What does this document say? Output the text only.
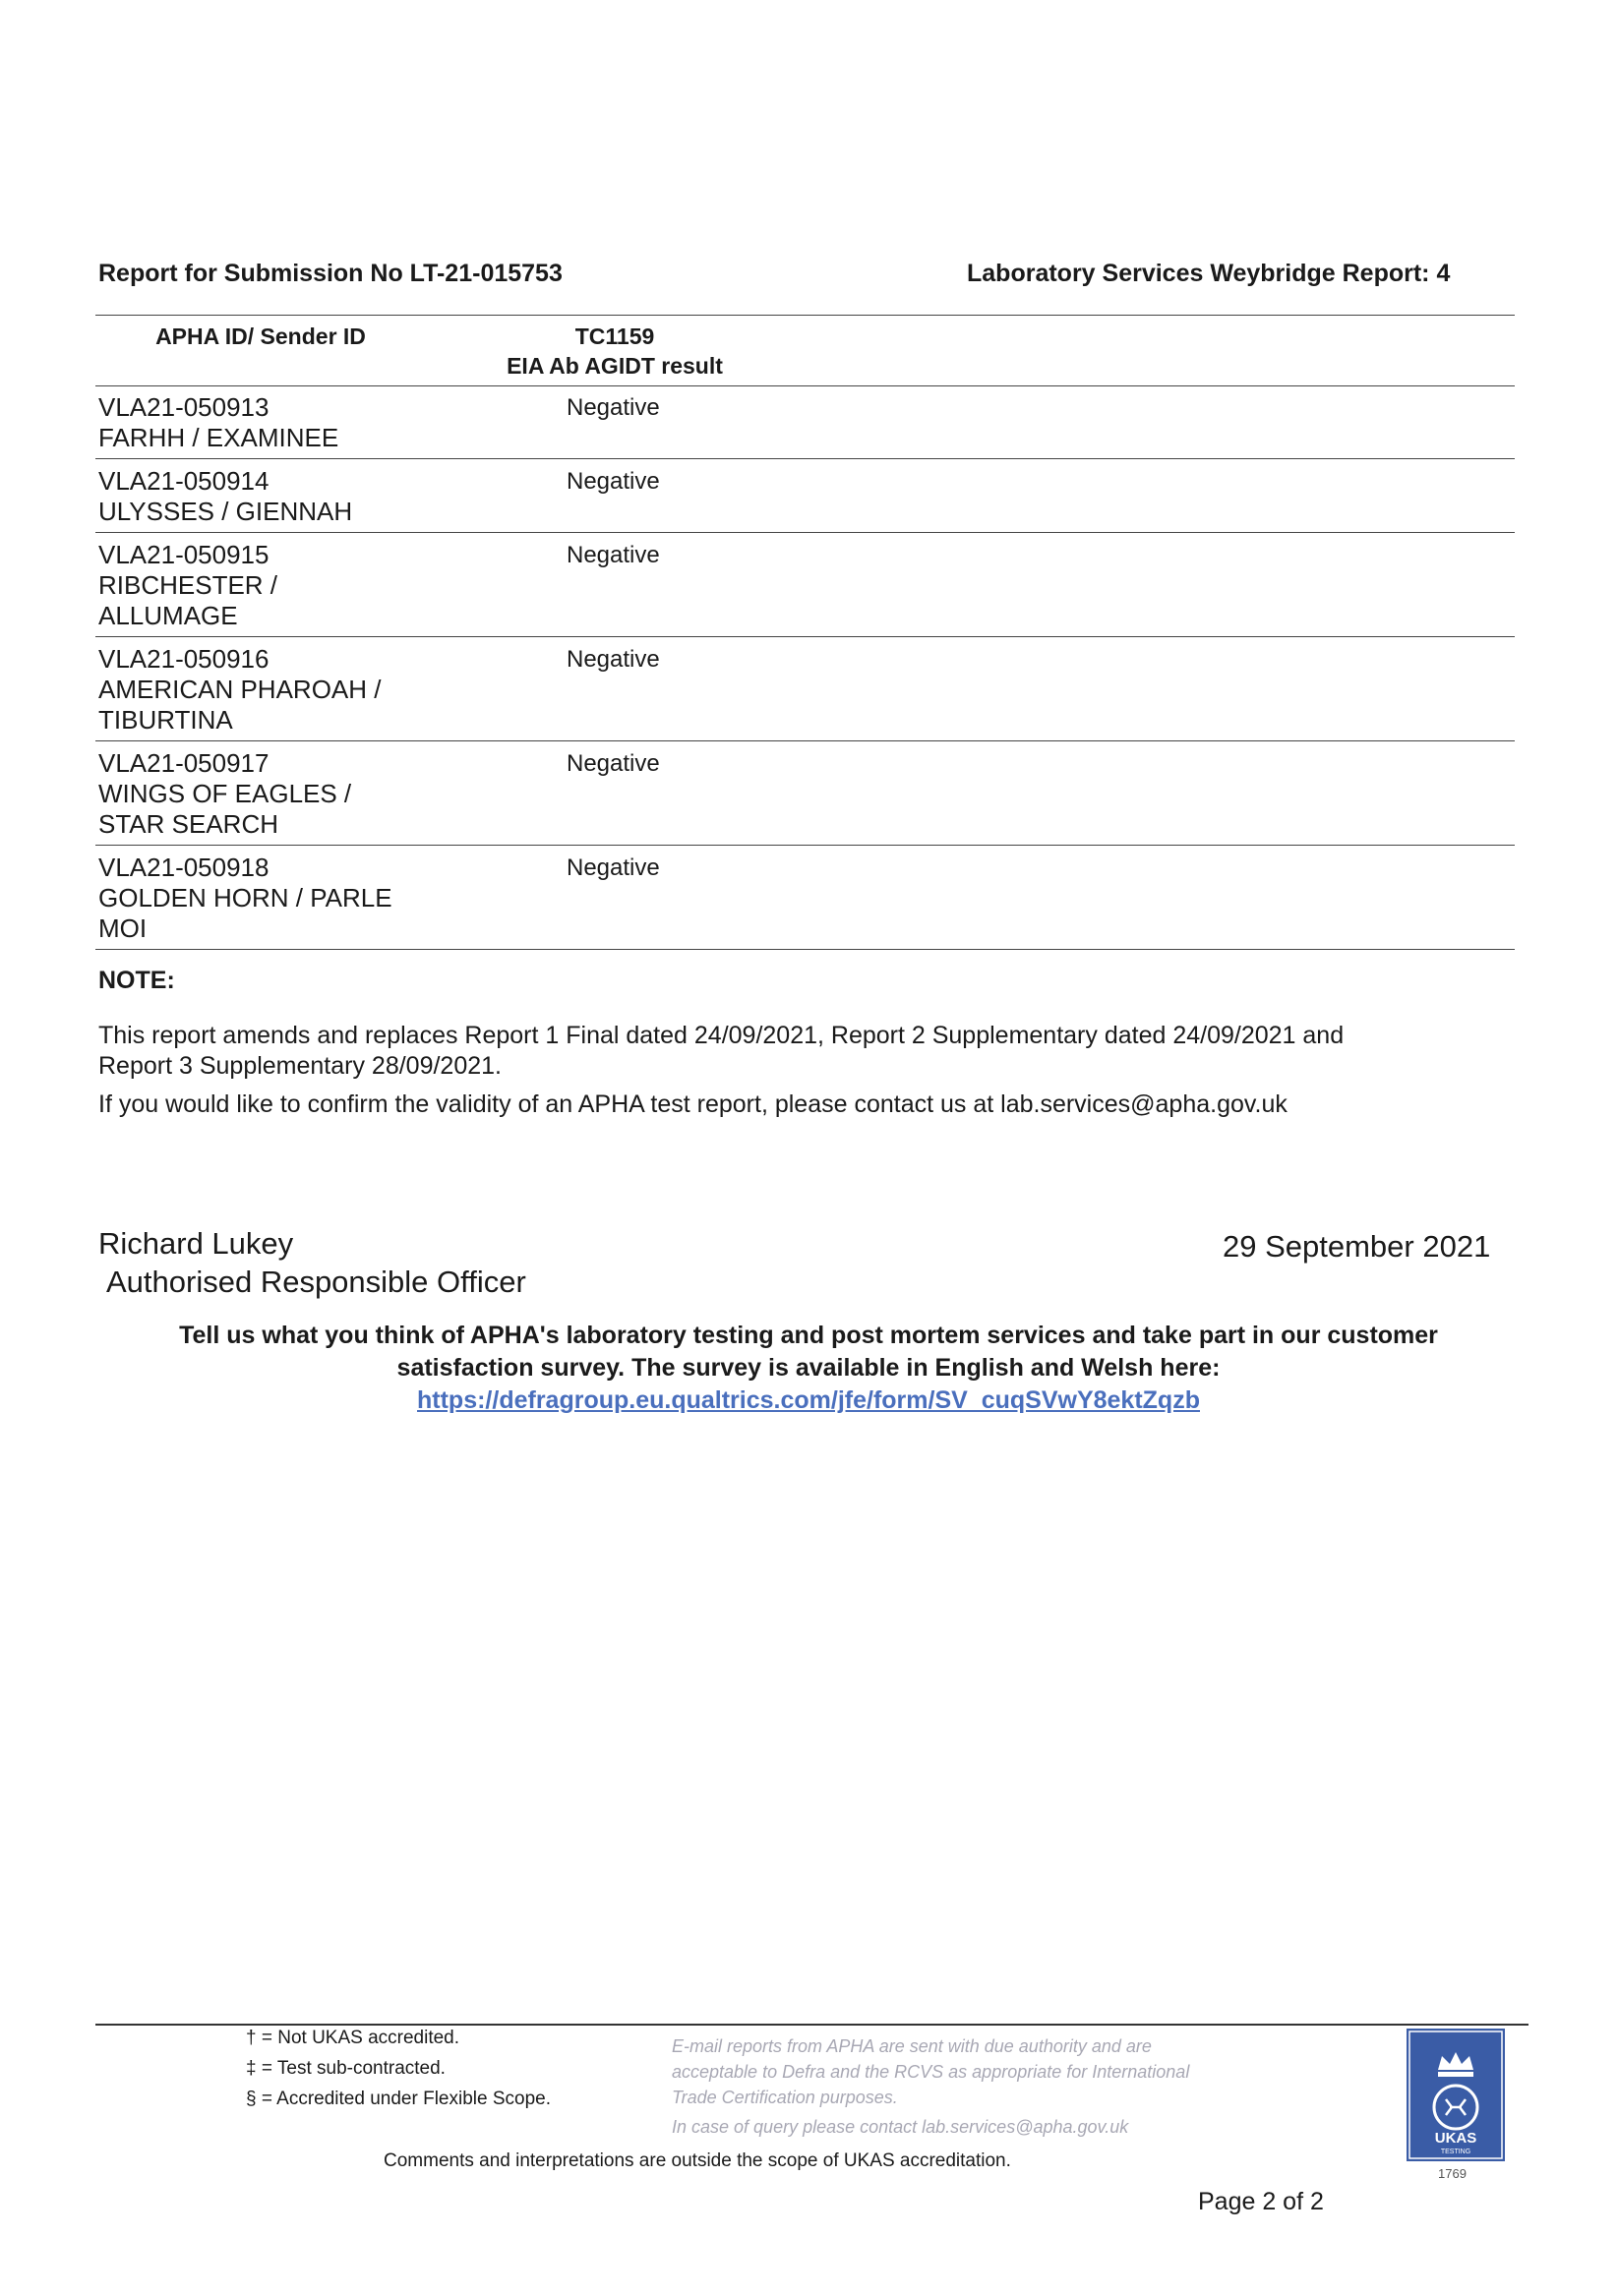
Report for Submission No LT-21-015753	Laboratory Services Weybridge Report: 4
APHA ID/ Sender ID	TC1159
EIA Ab AGIDT result
VLA21-050913
FARHH / EXAMINEE
Negative
VLA21-050914
ULYSSES / GIENNAH
Negative
VLA21-050915
RIBCHESTER /
ALLUMAGE
Negative
VLA21-050916
AMERICAN PHAROAH /
TIBURTINA
Negative
VLA21-050917
WINGS OF EAGLES /
STAR SEARCH
Negative
VLA21-050918
GOLDEN HORN / PARLE
MOI
Negative
NOTE:
This report amends and replaces Report 1 Final dated 24/09/2021, Report 2 Supplementary dated 24/09/2021 and
Report 3 Supplementary 28/09/2021.
If you would like to confirm the validity of an APHA test report, please contact us at lab.services@apha.gov.uk
Richard Lukey
Authorised Responsible Officer
29 September 2021
Tell us what you think of APHA's laboratory testing and post mortem services and take part in our customer
satisfaction survey. The survey is available in English and Welsh here:
https://defragroup.eu.qualtrics.com/jfe/form/SV_cuqSVwY8ektZqzb
† = Not UKAS accredited.
‡ = Test sub-contracted.
§ = Accredited under Flexible Scope.
E-mail reports from APHA are sent with due authority and are
acceptable to Defra and the RCVS as appropriate for International
Trade Certification purposes.
In case of query please contact lab.services@apha.gov.uk
UKAS
TESTING
1769
Comments and interpretations are outside the scope of UKAS accreditation.
Page 2 of 2
